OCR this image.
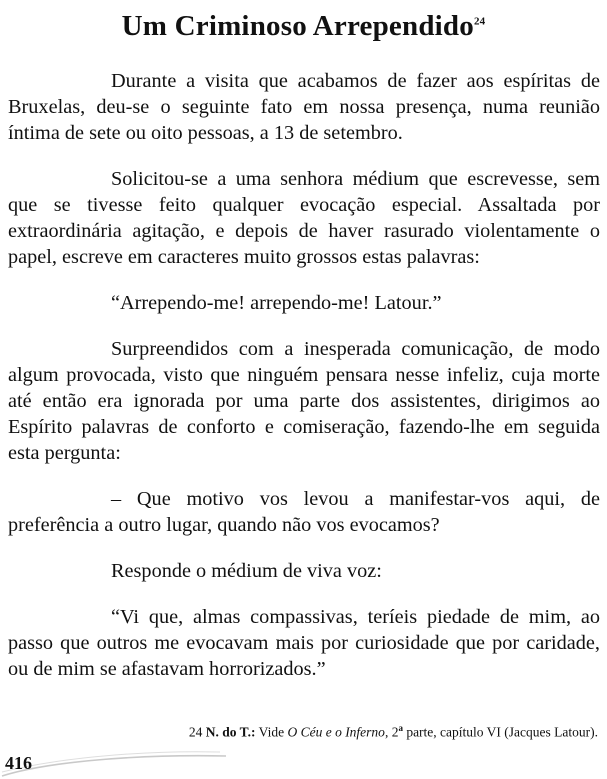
Um Criminoso Arrependido$^{24}$

Durante a visita que acabamos de fazer aos espíritas de Bruxelas, deu-se o seguinte fato em nossa presença, numa reunião íntima de sete ou oito pessoas, a 13 de setembro.

Solicitou-se a uma senhora médium que escrevesse, sem que se tivesse feito qualquer evocação especial. Assaltada por extraordinária agitação, e depois de haver rasurado violentamente o papel, escreve em caracteres muito grossos estas palavras:

“Arrependo-me! arrependo-me! Latour.”

Surpreendidos com a inesperada comunicação, de modo algum provocada, visto que ninguém pensara nesse infeliz, cuja morte até então era ignorada por uma parte dos assistentes, dirigimos ao Espírito palavras de conforto e comiseração, fazendo-lhe em seguida esta pergunta:

– Que motivo vos levou a manifestar-vos aqui, de preferência a outro lugar, quando não vos evocamos?

Responde o médium de viva voz:

“Vi que, almas compassivas, teríeis piedade de mim, ao passo que outros me evocavam mais por curiosidade que por caridade, ou de mim se afastavam horrorizados.”

24 N. do T.: Vide O Céu e o Inferno, 2$^a$ parte, capítulo VI (Jacques Latour).
416
